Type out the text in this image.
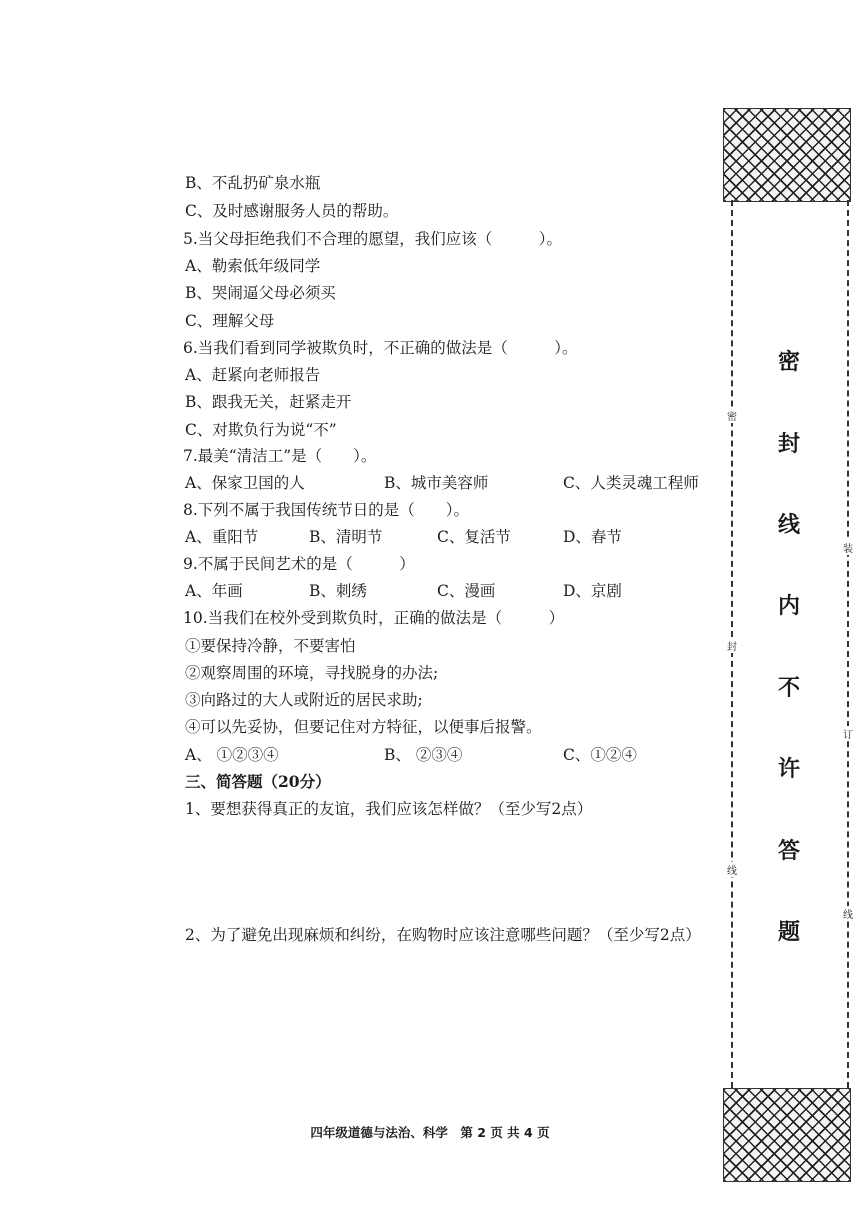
B、不乱扔矿泉水瓶
C、及时感谢服务人员的帮助。
5.当父母拒绝我们不合理的愿望，我们应该（　　　）。
A、勒索低年级同学
B、哭闹逼父母必须买
C、理解父母
6.当我们看到同学被欺负时，不正确的做法是（　　　）。
A、赶紧向老师报告
B、跟我无关，赶紧走开
C、对欺负行为说“不”
7.最美“清洁工”是（　　）。
A、保家卫国的人	B、城市美容师	C、人类灵魂工程师
8.下列不属于我国传统节日的是（　　）。
A、重阳节	B、清明节	C、复活节	D、春节
9.不属于民间艺术的是（　　　）
A、年画	B、刺绣	C、漫画	D、京剧
10.当我们在校外受到欺负时，正确的做法是（　　　）
①要保持冷静，不要害怕
②观察周围的环境，寻找脱身的办法;
③向路过的大人或附近的居民求助;
④可以先妥协，但要记住对方特征，以便事后报警。
A、 ①②③④	B、 ②③④	C、①②④
三、简答题（20分）
1、要想获得真正的友谊，我们应该怎样做？（至少写2点）
2、为了避免出现麻烦和纠纷，在购物时应该注意哪些问题？（至少写2点）
四年级道德与法治、科学　第 2 页 共 4 页
密
封
线
内
不
许
答
题
密
封
线
装
订
线
